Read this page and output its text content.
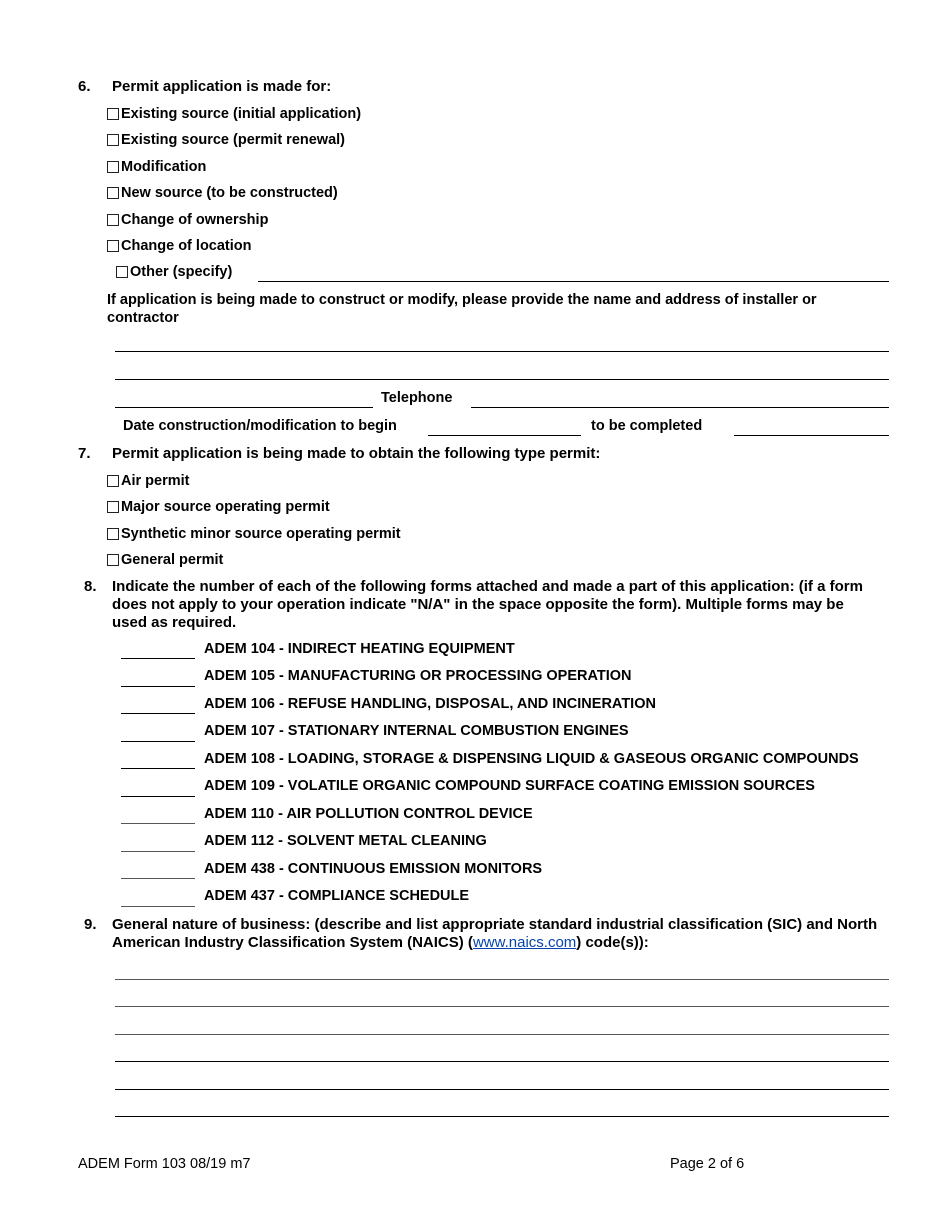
6. Permit application is made for:
Existing source (initial application)
Existing source (permit renewal)
Modification
New source (to be constructed)
Change of ownership
Change of location
Other (specify)
If application is being made to construct or modify, please provide the name and address of installer or contractor
Telephone
Date construction/modification to begin	to be completed
7. Permit application is being made to obtain the following type permit:
Air permit
Major source operating permit
Synthetic minor source operating permit
General permit
8. Indicate the number of each of the following forms attached and made a part of this application: (if a form does not apply to your operation indicate "N/A" in the space opposite the form). Multiple forms may be used as required.
ADEM 104 - INDIRECT HEATING EQUIPMENT
ADEM 105 - MANUFACTURING OR PROCESSING OPERATION
ADEM 106 - REFUSE HANDLING, DISPOSAL, AND INCINERATION
ADEM 107 - STATIONARY INTERNAL COMBUSTION ENGINES
ADEM 108 - LOADING, STORAGE & DISPENSING LIQUID & GASEOUS ORGANIC COMPOUNDS
ADEM 109 - VOLATILE ORGANIC COMPOUND SURFACE COATING EMISSION SOURCES
ADEM 110 - AIR POLLUTION CONTROL DEVICE
ADEM 112 - SOLVENT METAL CLEANING
ADEM 438 - CONTINUOUS EMISSION MONITORS
ADEM 437 - COMPLIANCE SCHEDULE
9. General nature of business: (describe and list appropriate standard industrial classification (SIC) and North American Industry Classification System (NAICS) (www.naics.com) code(s)):
ADEM Form 103 08/19 m7	Page 2 of 6
